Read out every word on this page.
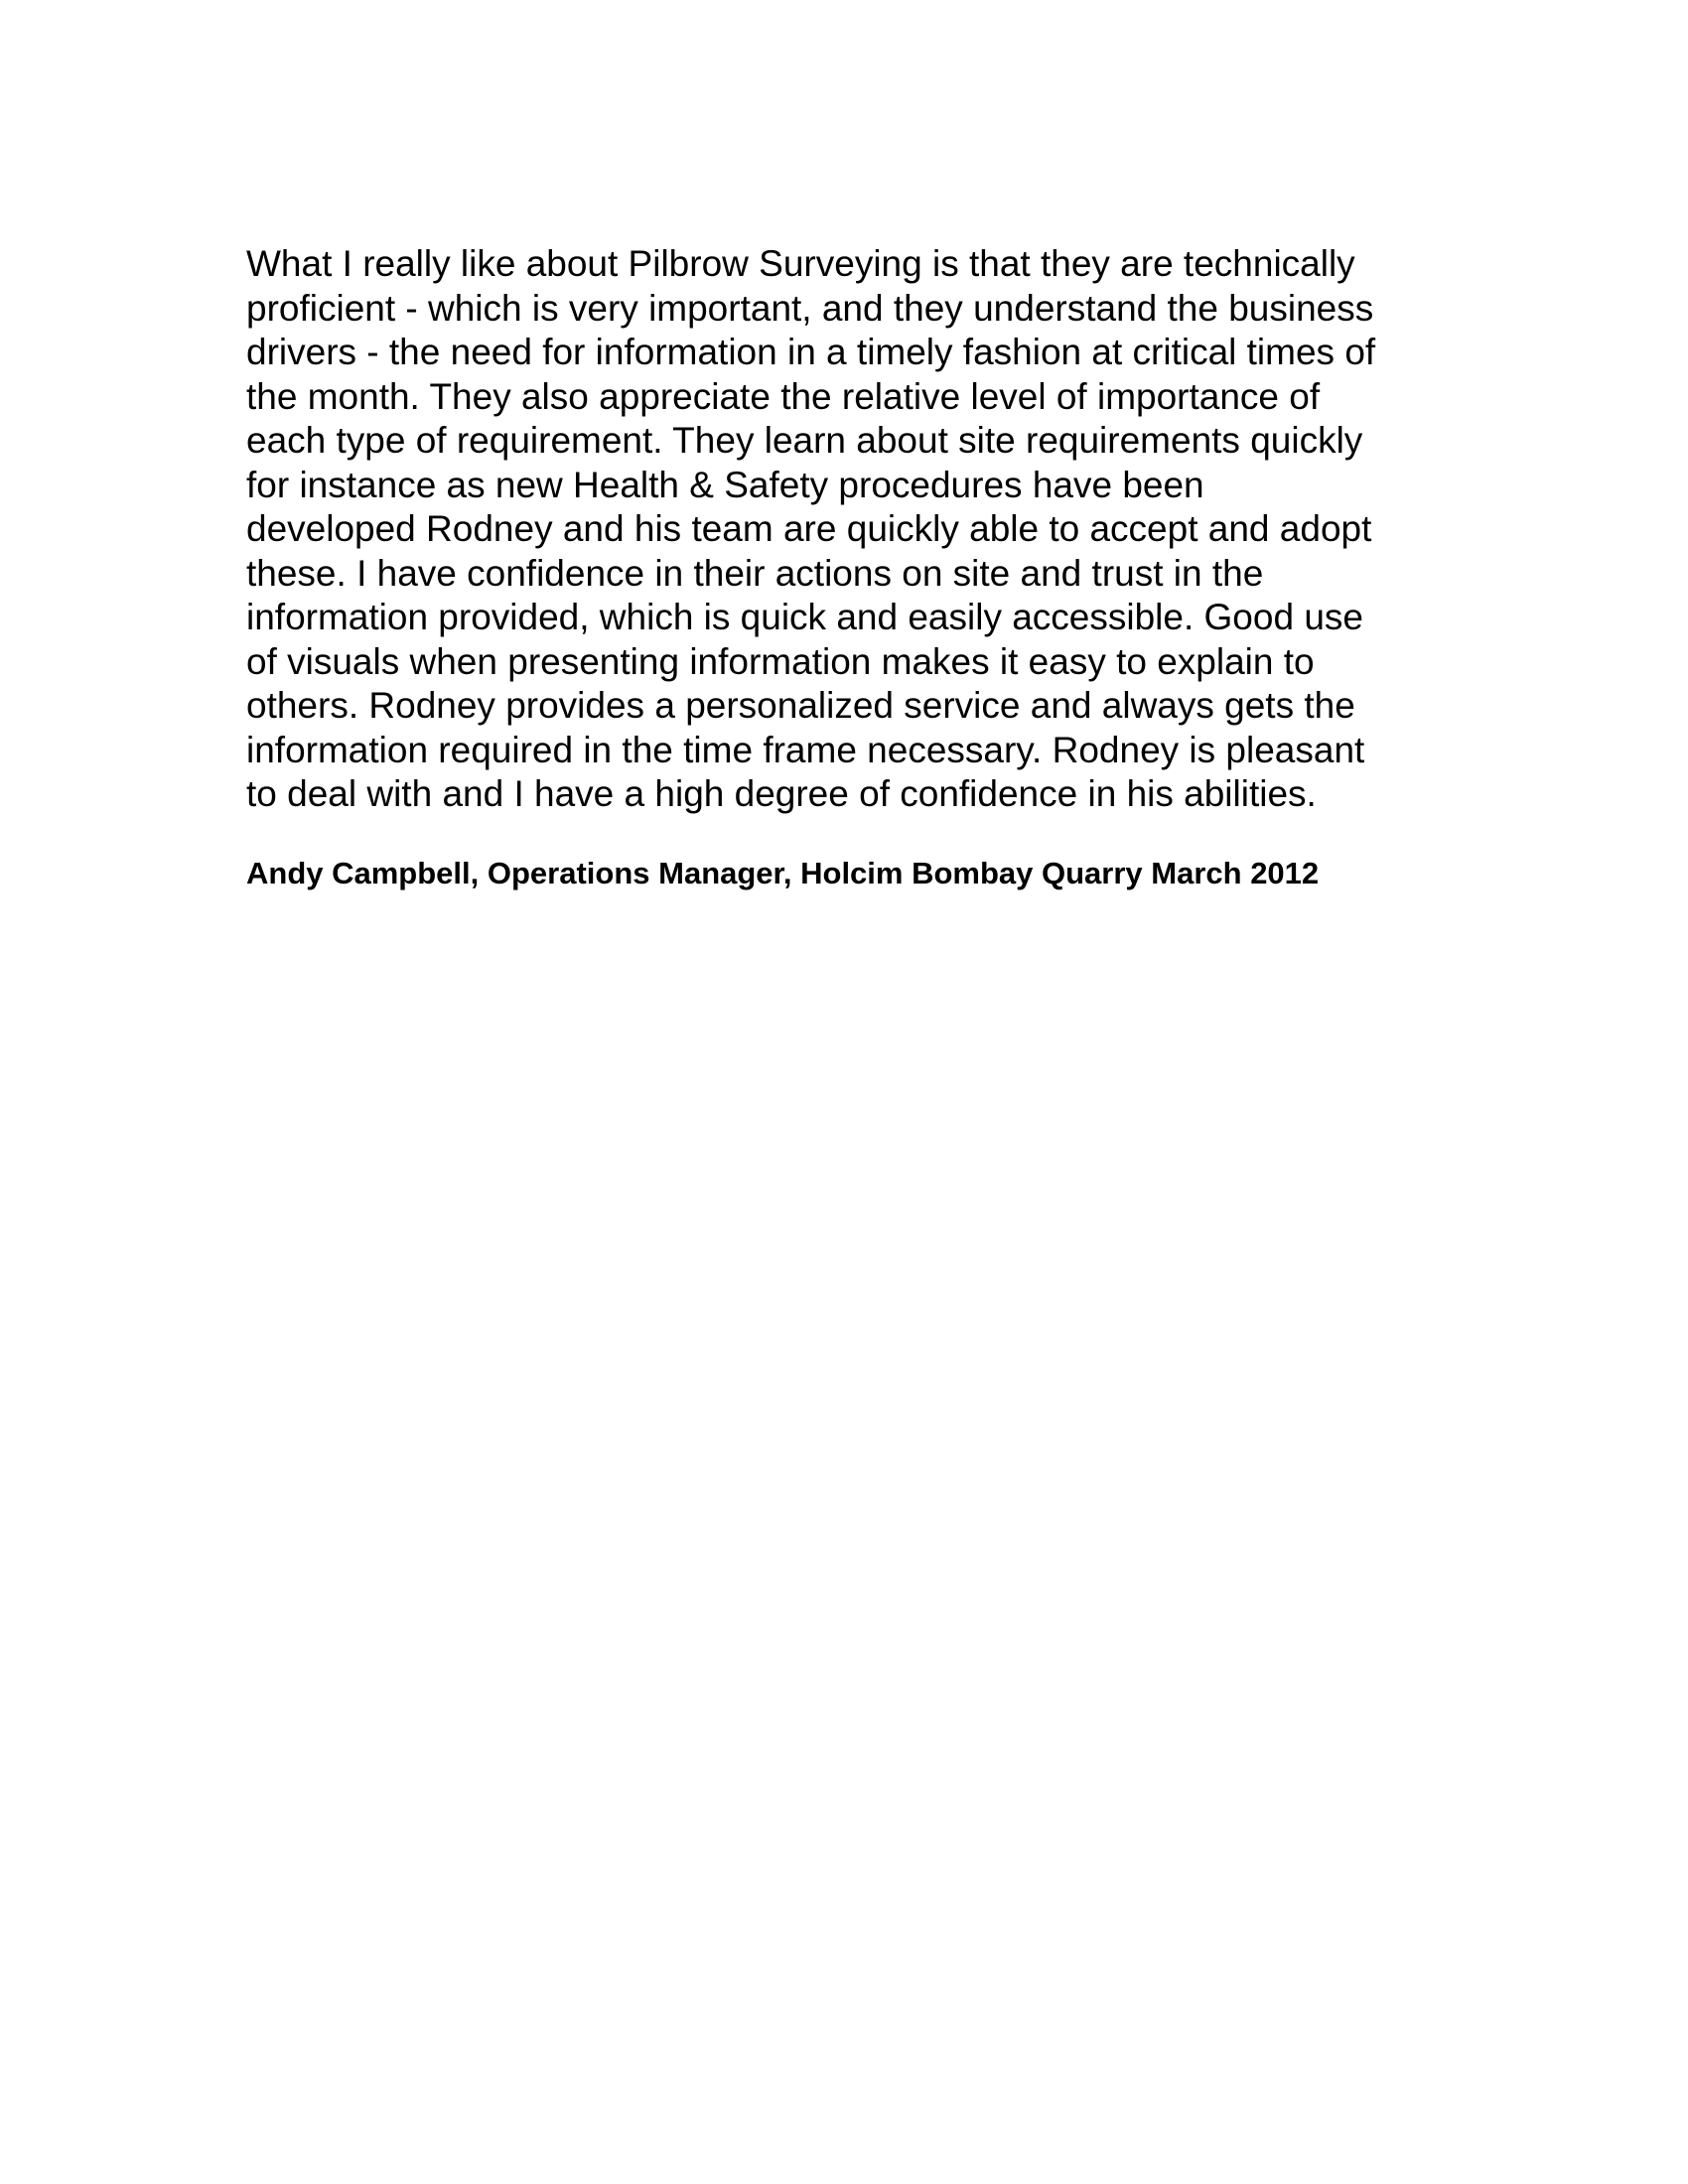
What I really like about Pilbrow Surveying is that they are technically

proficient - which is very important, and they understand the business

drivers - the need for information in a timely fashion at critical times of

the month. They also appreciate the relative level of importance of

each type of requirement. They learn about site requirements quickly

for instance as new Health & Safety procedures have been

developed Rodney and his team are quickly able to accept and adopt

these. I have confidence in their actions on site and trust in the

information provided, which is quick and easily accessible. Good use

of visuals when presenting information makes it easy to explain to

others. Rodney provides a personalized service and always gets the

information required in the time frame necessary. Rodney is pleasant

to deal with and I have a high degree of confidence in his abilities.

Andy Campbell, Operations Manager, Holcim Bombay Quarry March 2012
